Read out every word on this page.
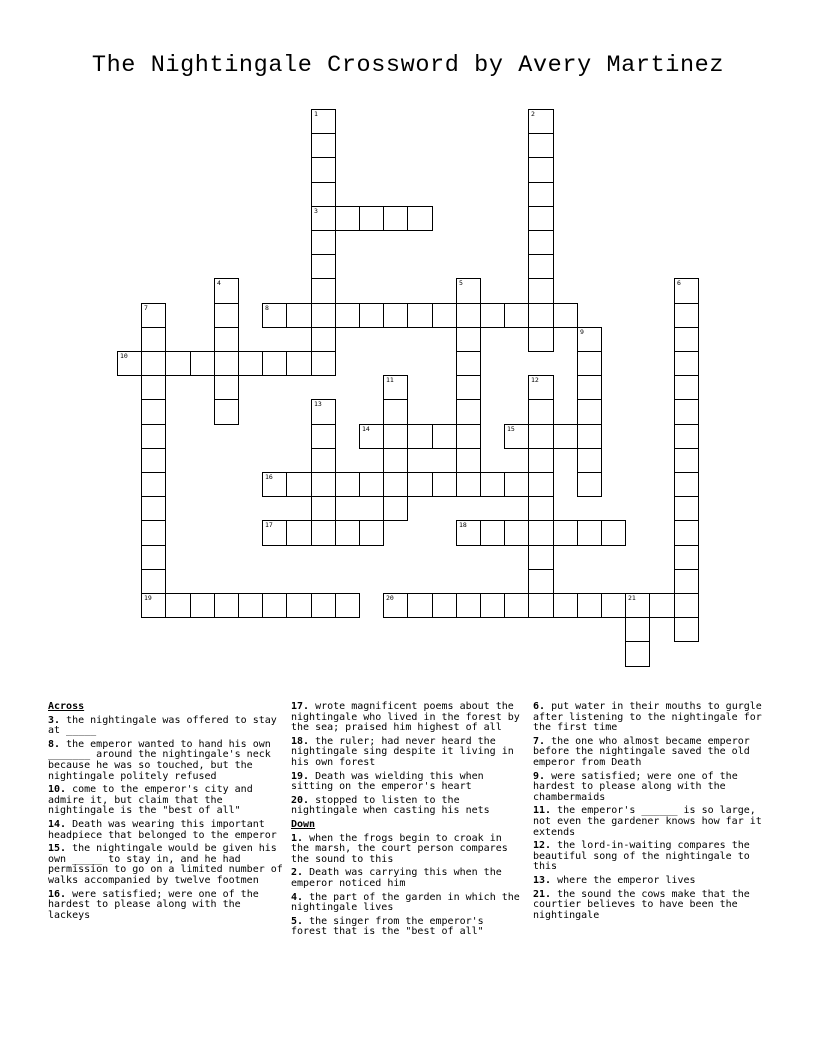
The Nightingale Crossword by Avery Martinez
1
3
2
4	5	6
7
19
8
9
10
11	12
13
14	15
16
17	18
20	21
Across
3. the nightingale was offered to stay at _____
8. the emperor wanted to hand his own _______ around the nightingale's neck because he was so touched, but the nightingale politely refused
10. come to the emperor's city and admire it, but claim that the nightingale is the "best of all"
14. Death was wearing this important headpiece that belonged to the emperor
15. the nightingale would be given his own _____ to stay in, and he had permission to go on a limited number of walks accompanied by twelve footmen
16. were satisfied; were one of the hardest to please along with the lackeys
17. wrote magnificent poems about the nightingale who lived in the forest by the sea; praised him highest of all
18. the ruler; had never heard the nightingale sing despite it living in his own forest
19. Death was wielding this when sitting on the emperor's heart
20. stopped to listen to the nightingale when casting his nets
Down
1. when the frogs begin to croak in the marsh, the court person compares the sound to this
2. Death was carrying this when the emperor noticed him
4. the part of the garden in which the nightingale lives
5. the singer from the emperor's forest that is the "best of all"
6. put water in their mouths to gurgle after listening to the nightingale for the first time
7. the one who almost became emperor before the nightingale saved the old emperor from Death
9. were satisfied; were one of the hardest to please along with the chambermaids
11. the emperor's ______ is so large, not even the gardener knows how far it extends
12. the lord-in-waiting compares the beautiful song of the nightingale to this
13. where the emperor lives
21. the sound the cows make that the courtier believes to have been the nightingale
